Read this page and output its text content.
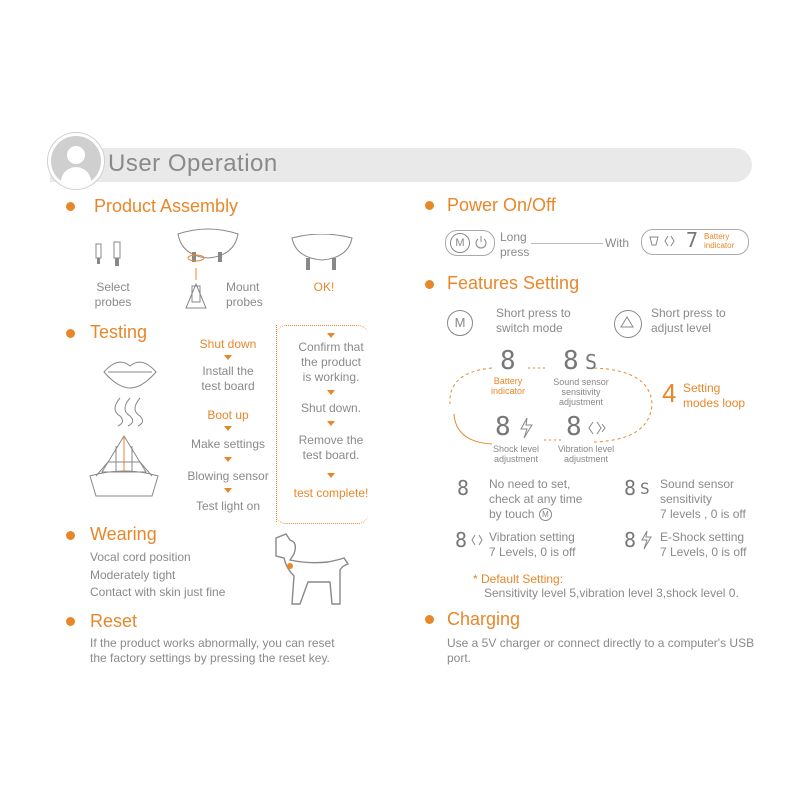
User Operation
Product Assembly
Select
probes
Mount
probes
OK!
Testing
Shut down
Install the
test board
Boot up
Make settings
Blowing sensor
Test light on
Confirm that
the product
is working.
Shut down.
Remove the
test board.
test complete!
Wearing
Vocal cord position
Moderately tight
Contact with skin just fine
Reset
If the product works abnormally, you can reset
the factory settings by pressing the reset key.
Power On/Off
M	Long
press
With	7 Battery
indicator
Features Setting
M
Short press to
switch mode
Short press to
adjust level
8
Battery
indicator
8 S
Sound sensor
sensitivity
adjustment
8
Shock level
adjustment
8
Vibration level
adjustment
4 Setting
modes loop
8 No need to set,
check at any time
by touch M
8 S Sound sensor
sensitivity
7 levels , 0 is off
8 Vibration setting
7 Levels, 0 is off 8 E-Shock setting
7 Levels, 0 is off
* Default Setting:
Sensitivity level 5,vibration level 3,shock level 0.
Charging
Use a 5V charger or connect directly to a computer's USB
port.
